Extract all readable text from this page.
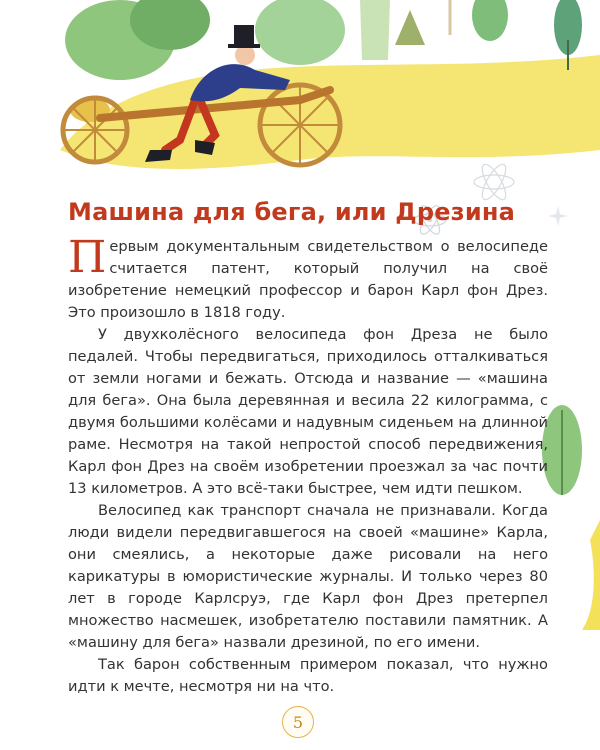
Машина для бега, или Дрезина

Первым документальным свидетельством о велосипеде считается патент, который получил на своё изобретение немецкий профессор и барон Карл фон Дрез. Это произошло в 1818 году.

У двухколёсного велосипеда фон Дреза не было педалей. Чтобы передвигаться, приходилось отталкиваться от земли ногами и бежать. Отсюда и название — «машина для бега». Она была деревянная и весила 22 килограмма, с двумя большими колёсами и надувным сиденьем на длинной раме. Несмотря на такой непростой способ передвижения, Карл фон Дрез на своём изобретении проезжал за час почти 13 километров. А это всё-таки быстрее, чем идти пешком.

Велосипед как транспорт сначала не признавали. Когда люди видели передвигавшегося на своей «машине» Карла, они смеялись, а некоторые даже рисовали на него карикатуры в юмористические журналы. И только через 80 лет в городе Карлсруэ, где Карл фон Дрез претерпел множество насмешек, изобретателю поставили памятник. А «машину для бега» назвали дрезиной, по его имени.

Так барон собственным примером показал, что нужно идти к мечте, несмотря ни на что.

5
